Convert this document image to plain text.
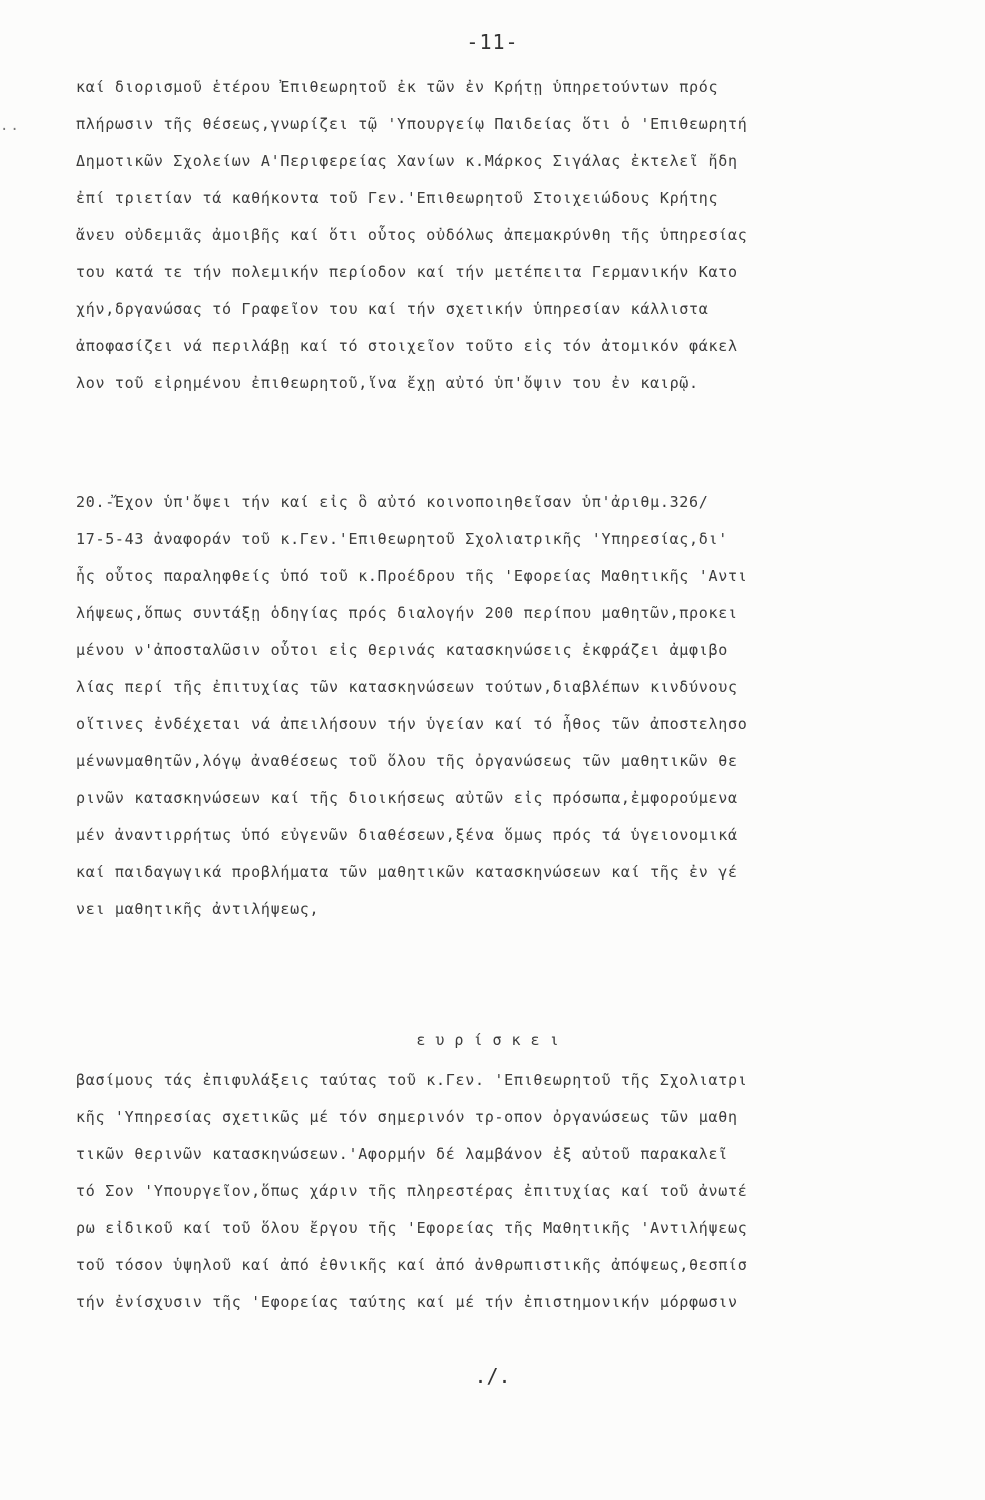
-11-
..
καί διορισμοῦ ἑτέρου Ἐπιθεωρητοῦ ἐκ τῶν ἐν Κρήτῃ ὑπηρετούντων πρός
πλήρωσιν τῆς θέσεως,γνωρίζει τῷ 'Υπουργείῳ Παιδείας ὅτι ὁ 'Επιθεωρητή
Δημοτικῶν Σχολείων Α'Περιφερείας Χανίων κ.Μάρκος Σιγάλας ἐκτελεῖ ἤδη
ἐπί τριετίαν τά καθήκοντα τοῦ Γεν.'Επιθεωρητοῦ Στοιχειώδους Κρήτης
ἄνευ οὐδεμιᾶς ἀμοιβῆς καί ὅτι οὗτος οὐδόλως ἀπεμακρύνθη τῆς ὑπηρεσίας
του κατά τε τήν πολεμικήν περίοδον καί τήν μετέπειτα Γερμανικήν Κατο
χήν,δργανώσας τό Γραφεῖον του καί τήν σχετικήν ὑπηρεσίαν κάλλιστα
ἀποφασίζει νά περιλάβῃ καί τό στοιχεῖον τοῦτο εἰς τόν ἀτομικόν φάκελ
λον τοῦ εἰρημένου ἐπιθεωρητοῦ,ἵνα ἔχῃ αὐτό ὑπ'ὄψιν του ἐν καιρῷ.
20.-Ἔχον ὑπ'ὄψει τήν καί εἰς ὃ αὐτό κοινοποιηθεῖσαν ὑπ'ἀριθμ.326/
17-5-43 ἀναφοράν τοῦ κ.Γεν.'Επιθεωρητοῦ Σχολιατρικῆς 'Υπηρεσίας,δι'
ἧς οὗτος παραληφθείς ὑπό τοῦ κ.Προέδρου τῆς 'Εφορείας Μαθητικῆς 'Αντι
λήψεως,ὅπως συντάξῃ ὁδηγίας πρός διαλογήν 200 περίπου μαθητῶν,προκει
μένου ν'ἀποσταλῶσιν οὗτοι εἰς θερινάς κατασκηνώσεις ἐκφράζει ἀμφιβο
λίας περί τῆς ἐπιτυχίας τῶν κατασκηνώσεων τούτων,διαβλέπων κινδύνους
οἵτινες ἐνδέχεται νά ἀπειλήσουν τήν ὑγείαν καί τό ἦθος τῶν ἀποστελησο
μένωνμαθητῶν,λόγῳ ἀναθέσεως τοῦ ὅλου τῆς ὀργανώσεως τῶν μαθητικῶν θε
ρινῶν κατασκηνώσεων καί τῆς διοικήσεως αὐτῶν εἰς πρόσωπα,ἐμφορούμενα
μέν ἀναντιρρήτως ὑπό εὐγενῶν διαθέσεων,ξένα ὅμως πρός τά ὑγειονομικά
καί παιδαγωγικά προβλήματα τῶν μαθητικῶν κατασκηνώσεων καί τῆς ἐν γέ
νει μαθητικῆς ἀντιλήψεως,
ευρίσκει
βασίμους τάς ἐπιφυλάξεις ταύτας τοῦ κ.Γεν. 'Επιθεωρητοῦ τῆς Σχολιατρι
κῆς 'Υπηρεσίας σχετικῶς μέ τόν σημερινόν τρ-οπον ὀργανώσεως τῶν μαθη
τικῶν θερινῶν κατασκηνώσεων.'Αφορμήν δέ λαμβάνον ἐξ αὐτοῦ παρακαλεῖ
τό Σον 'Υπουργεῖον,ὅπως χάριν τῆς πληρεστέρας ἐπιτυχίας καί τοῦ ἀνωτέ
ρω εἰδικοῦ καί τοῦ ὅλου ἔργου τῆς 'Εφορείας τῆς Μαθητικῆς 'Αντιλήψεως
τοῦ τόσον ὑψηλοῦ καί ἀπό ἐθνικῆς καί ἀπό ἀνθρωπιστικῆς ἀπόψεως,θεσπίσ
τήν ἐνίσχυσιν τῆς 'Εφορείας ταύτης καί μέ τήν ἐπιστημονικήν μόρφωσιν
./.
